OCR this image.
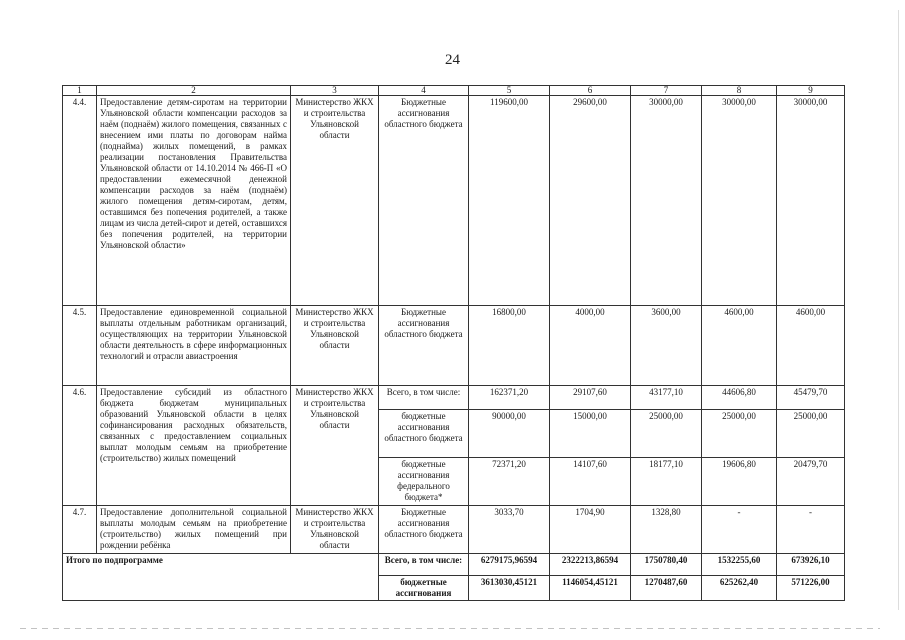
24
1	2	3	4	5	6	7	8	9
4.4.	Предоставление детям-сиротам на территории Ульяновской области компенсации расходов за наём (поднаём) жилого помещения, связанных с внесением ими платы по договорам найма (поднайма) жилых помещений, в рамках реализации постановления Правительства Ульяновской области от 14.10.2014 № 466-П «О предоставлении ежемесячной денежной компенсации расходов за наём (поднаём) жилого помещения детям-сиротам, детям, оставшимся без попечения родителей, а также лицам из числа детей-сирот и детей, оставшихся без попечения родителей, на территории Ульяновской области»	Министерство ЖКХ и строительства Ульяновской области	Бюджетные ассигнования областного бюджета	119600,00	29600,00	30000,00	30000,00	30000,00
4.5.	Предоставление единовременной социальной выплаты отдельным работникам организаций, осуществляющих на территории Ульяновской области деятельность в сфере информационных технологий и отрасли авиастроения	Министерство ЖКХ и строительства Ульяновской области	Бюджетные ассигнования областного бюджета	16800,00	4000,00	3600,00	4600,00	4600,00
4.6.	Предоставление субсидий из областного бюджета бюджетам муниципальных образований Ульяновской области в целях софинансирования расходных обязательств, связанных с предоставлением социальных выплат молодым семьям на приобретение (строительство) жилых помещений	Министерство ЖКХ и строительства Ульяновской области	Всего, в том числе:	162371,20	29107,60	43177,10	44606,80	45479,70
			бюджетные ассигнования областного бюджета	90000,00	15000,00	25000,00	25000,00	25000,00
			бюджетные ассигнования федерального бюджета*	72371,20	14107,60	18177,10	19606,80	20479,70
4.7.	Предоставление дополнительной социальной выплаты молодым семьям на приобретение (строительство) жилых помещений при рождении ребёнка	Министерство ЖКХ и строительства Ульяновской области	Бюджетные ассигнования областного бюджета	3033,70	1704,90	1328,80	-	-
Итого по подпрограмме			Всего, в том числе:	6279175,96594	2322213,86594	1750780,40	1532255,60	673926,10
			бюджетные ассигнования	3613030,45121	1146054,45121	1270487,60	625262,40	571226,00
